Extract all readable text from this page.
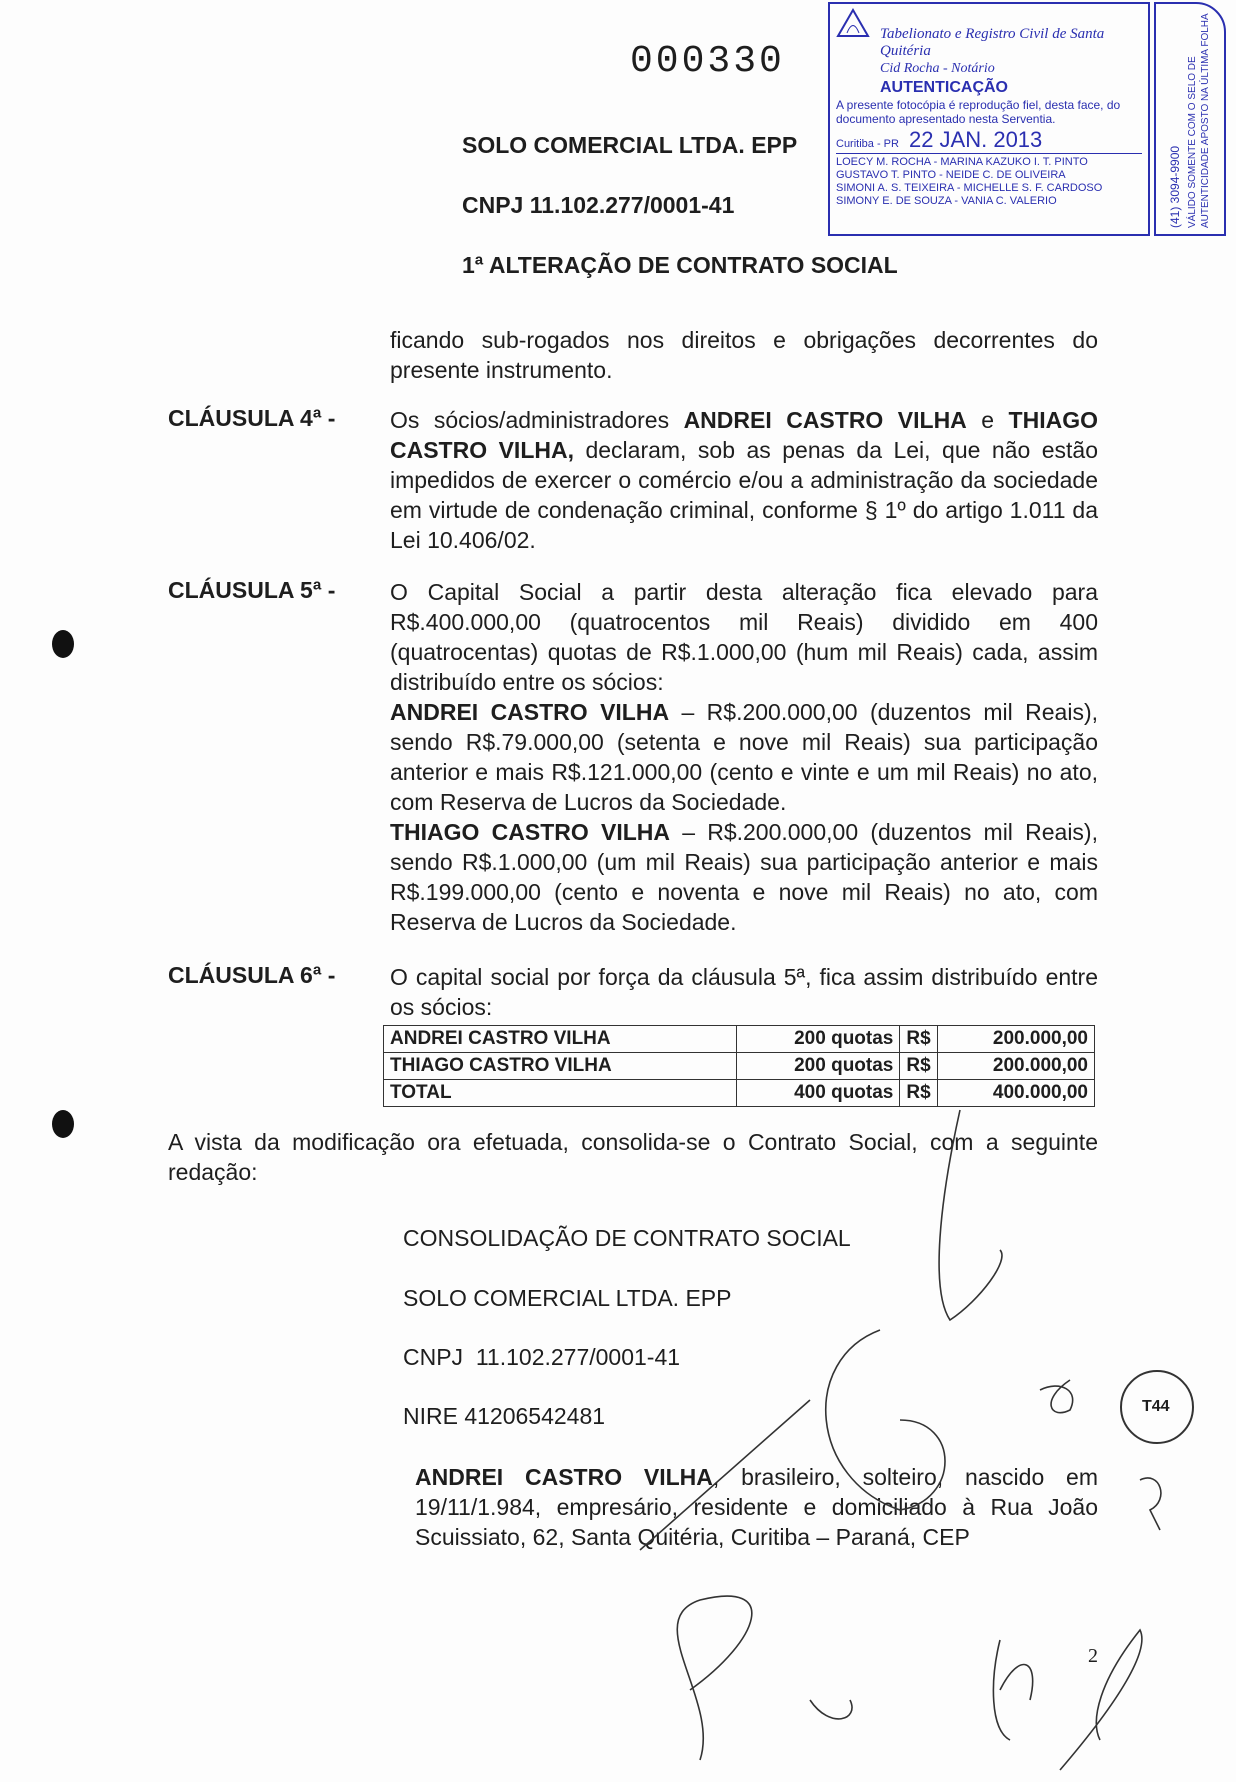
000330
SOLO COMERCIAL LTDA. EPP
CNPJ 11.102.277/0001-41
1ª ALTERAÇÃO DE CONTRATO SOCIAL
Tabelionato e Registro Civil de Santa Quitéria
Cid Rocha - Notário
AUTENTICAÇÃO
A presente fotocópia é reprodução fiel, desta face, do documento apresentado nesta Serventia.
Curitiba - PR 22 JAN. 2013
LOECY M. ROCHA - MARINA KAZUKO I. T. PINTO
GUSTAVO T. PINTO - NEIDE C. DE OLIVEIRA
SIMONI A. S. TEIXEIRA - MICHELLE S. F. CARDOSO
SIMONY E. DE SOUZA - VANIA C. VALERIO	(41) 3094-9900 VÁLIDO SOMENTE COM O SELO DE AUTENTICIDADE APOSTO NA ÚLTIMA FOLHA
ficando sub-rogados nos direitos e obrigações decorrentes do presente instrumento.
CLÁUSULA 4ª - Os sócios/administradores ANDREI CASTRO VILHA e THIAGO CASTRO VILHA, declaram, sob as penas da Lei, que não estão impedidos de exercer o comércio e/ou a administração da sociedade em virtude de condenação criminal, conforme § 1º do artigo 1.011 da Lei 10.406/02.
CLÁUSULA 5ª - O Capital Social a partir desta alteração fica elevado para R$.400.000,00 (quatrocentos mil Reais) dividido em 400 (quatrocentas) quotas de R$.1.000,00 (hum mil Reais) cada, assim distribuído entre os sócios:
ANDREI CASTRO VILHA – R$.200.000,00 (duzentos mil Reais), sendo R$.79.000,00 (setenta e nove mil Reais) sua participação anterior e mais R$.121.000,00 (cento e vinte e um mil Reais) no ato, com Reserva de Lucros da Sociedade.
THIAGO CASTRO VILHA – R$.200.000,00 (duzentos mil Reais), sendo R$.1.000,00 (um mil Reais) sua participação anterior e mais R$.199.000,00 (cento e noventa e nove mil Reais) no ato, com Reserva de Lucros da Sociedade.
CLÁUSULA 6ª - O capital social por força da cláusula 5ª, fica assim distribuído entre os sócios:
ANDREI CASTRO VILHA	200 quotas	R$	200.000,00
THIAGO CASTRO VILHA	200 quotas	R$	200.000,00
TOTAL	400 quotas	R$	400.000,00
A vista da modificação ora efetuada, consolida-se o Contrato Social, com a seguinte redação:
CONSOLIDAÇÃO DE CONTRATO SOCIAL
SOLO COMERCIAL LTDA. EPP
CNPJ  11.102.277/0001-41
NIRE 41206542481
ANDREI CASTRO VILHA, brasileiro, solteiro, nascido em 19/11/1.984, empresário, residente e domiciliado à Rua João Scuissiato, 62, Santa Quitéria, Curitiba – Paraná, CEP
2
T44
